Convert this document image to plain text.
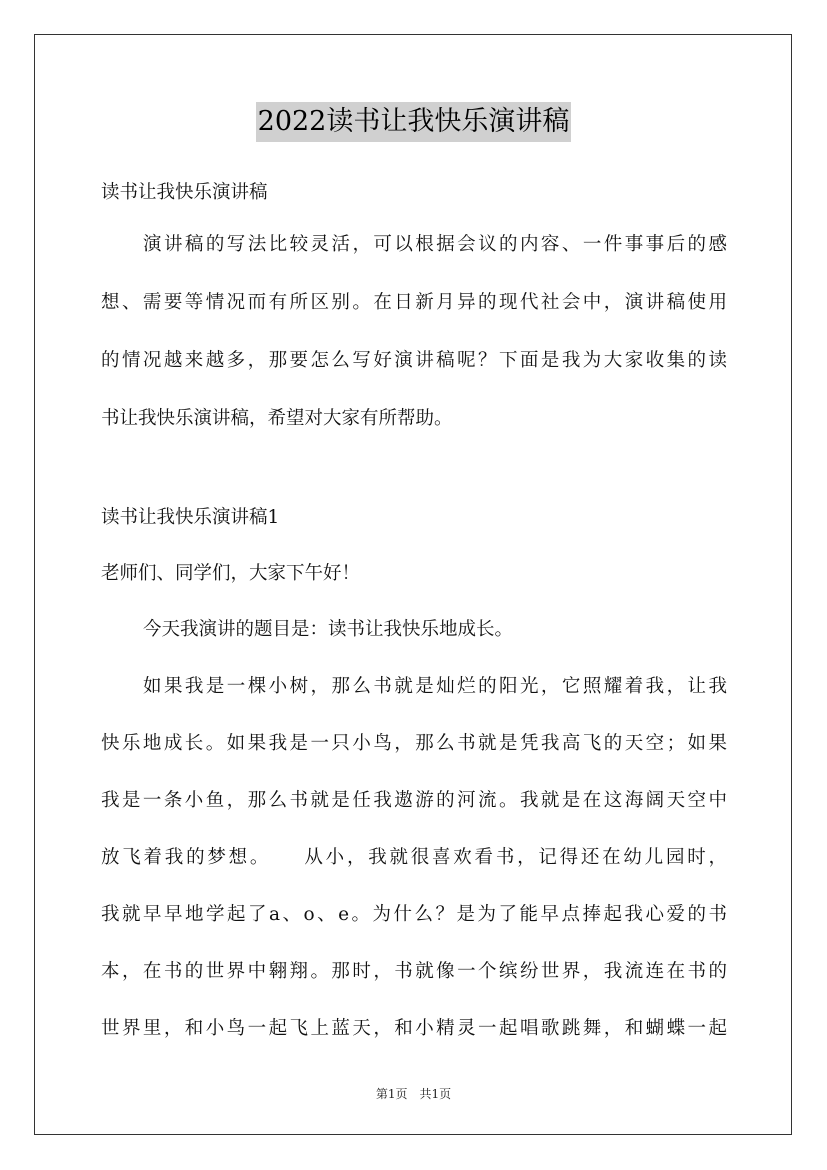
2022读书让我快乐演讲稿
读书让我快乐演讲稿
演讲稿的写法比较灵活，可以根据会议的内容、一件事事后的感
想、需要等情况而有所区别。在日新月异的现代社会中，演讲稿使用
的情况越来越多，那要怎么写好演讲稿呢？下面是我为大家收集的读
书让我快乐演讲稿，希望对大家有所帮助。
读书让我快乐演讲稿1
老师们、同学们，大家下午好！
今天我演讲的题目是：读书让我快乐地成长。
如果我是一棵小树，那么书就是灿烂的阳光，它照耀着我，让我
快乐地成长。如果我是一只小鸟，那么书就是凭我高飞的天空；如果
我是一条小鱼，那么书就是任我遨游的河流。我就是在这海阔天空中
放飞着我的梦想。　　从小，我就很喜欢看书，记得还在幼儿园时，
我就早早地学起了a、o、e。为什么？是为了能早点捧起我心爱的书
本，在书的世界中翱翔。那时，书就像一个缤纷世界，我流连在书的
世界里，和小鸟一起飞上蓝天，和小精灵一起唱歌跳舞，和蝴蝶一起
第1页　共1页
